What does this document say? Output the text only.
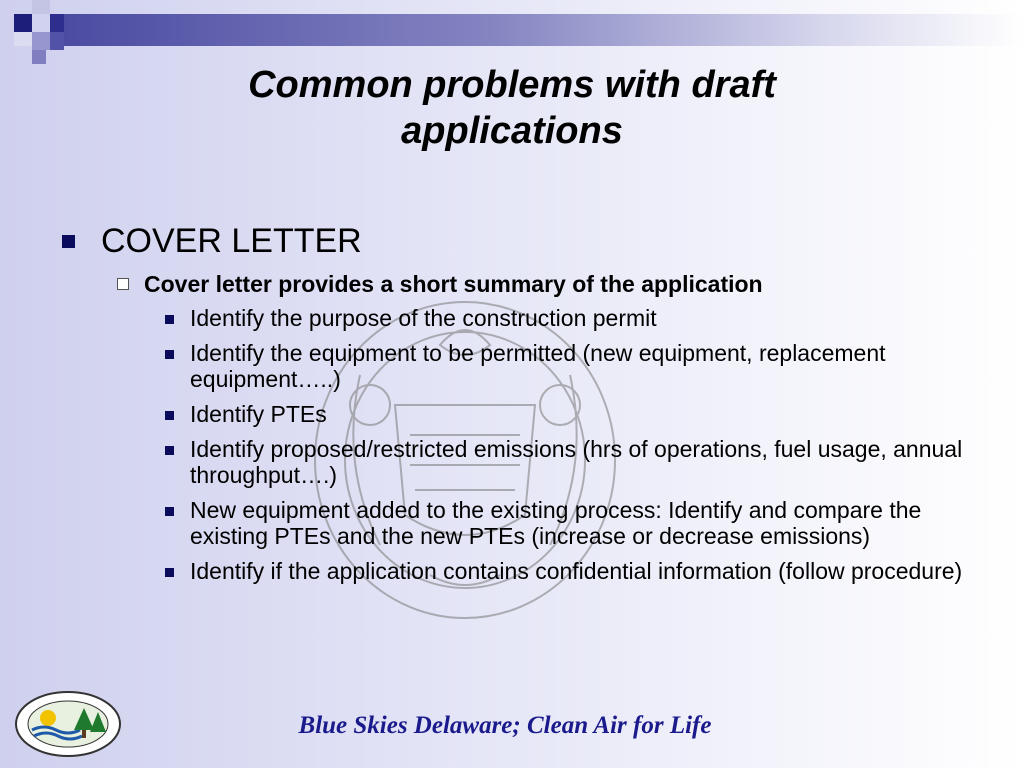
Common problems with draft
applications
COVER LETTER
Cover letter provides a short summary of the application
Identify the purpose of the construction permit
Identify the equipment to be permitted (new equipment, replacement equipment…..)
Identify PTEs
Identify proposed/restricted emissions (hrs of operations, fuel usage, annual throughput….)
New equipment added to the existing process: Identify and compare the existing PTEs and the new PTEs (increase or decrease emissions)
Identify if the application contains confidential information (follow procedure)
Blue Skies Delaware; Clean Air for Life
